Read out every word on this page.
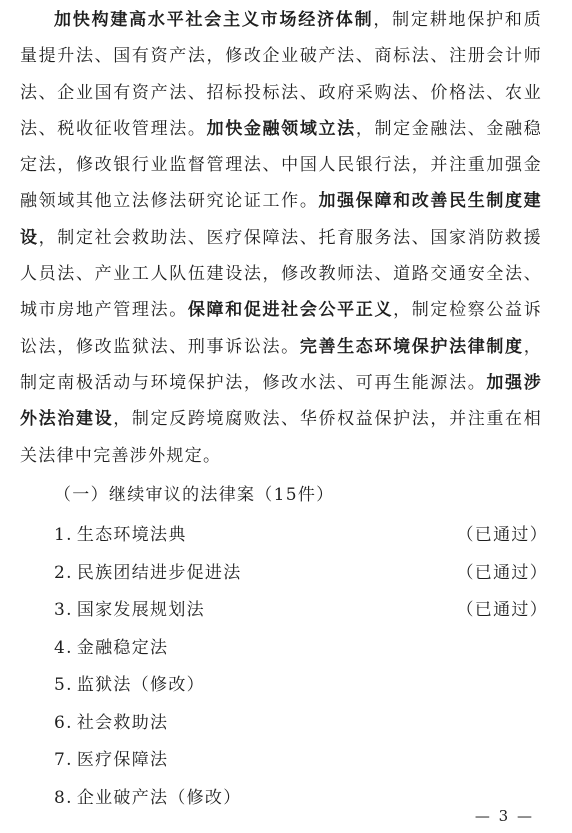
加快构建高水平社会主义市场经济体制，制定耕地保护和质量提升法、国有资产法，修改企业破产法、商标法、注册会计师法、企业国有资产法、招标投标法、政府采购法、价格法、农业法、税收征收管理法。加快金融领域立法，制定金融法、金融稳定法，修改银行业监督管理法、中国人民银行法，并注重加强金融领域其他立法修法研究论证工作。加强保障和改善民生制度建设，制定社会救助法、医疗保障法、托育服务法、国家消防救援人员法、产业工人队伍建设法，修改教师法、道路交通安全法、城市房地产管理法。保障和促进社会公平正义，制定检察公益诉讼法，修改监狱法、刑事诉讼法。完善生态环境保护法律制度，制定南极活动与环境保护法，修改水法、可再生能源法。加强涉外法治建设，制定反跨境腐败法、华侨权益保护法，并注重在相关法律中完善涉外规定。

（一）继续审议的法律案（15件）

1. 生态环境法典	（已通过）
2. 民族团结进步促进法	（已通过）
3. 国家发展规划法	（已通过）
4. 金融稳定法
5. 监狱法（修改）
6. 社会救助法
7. 医疗保障法
8. 企业破产法（修改）
— 3 —
